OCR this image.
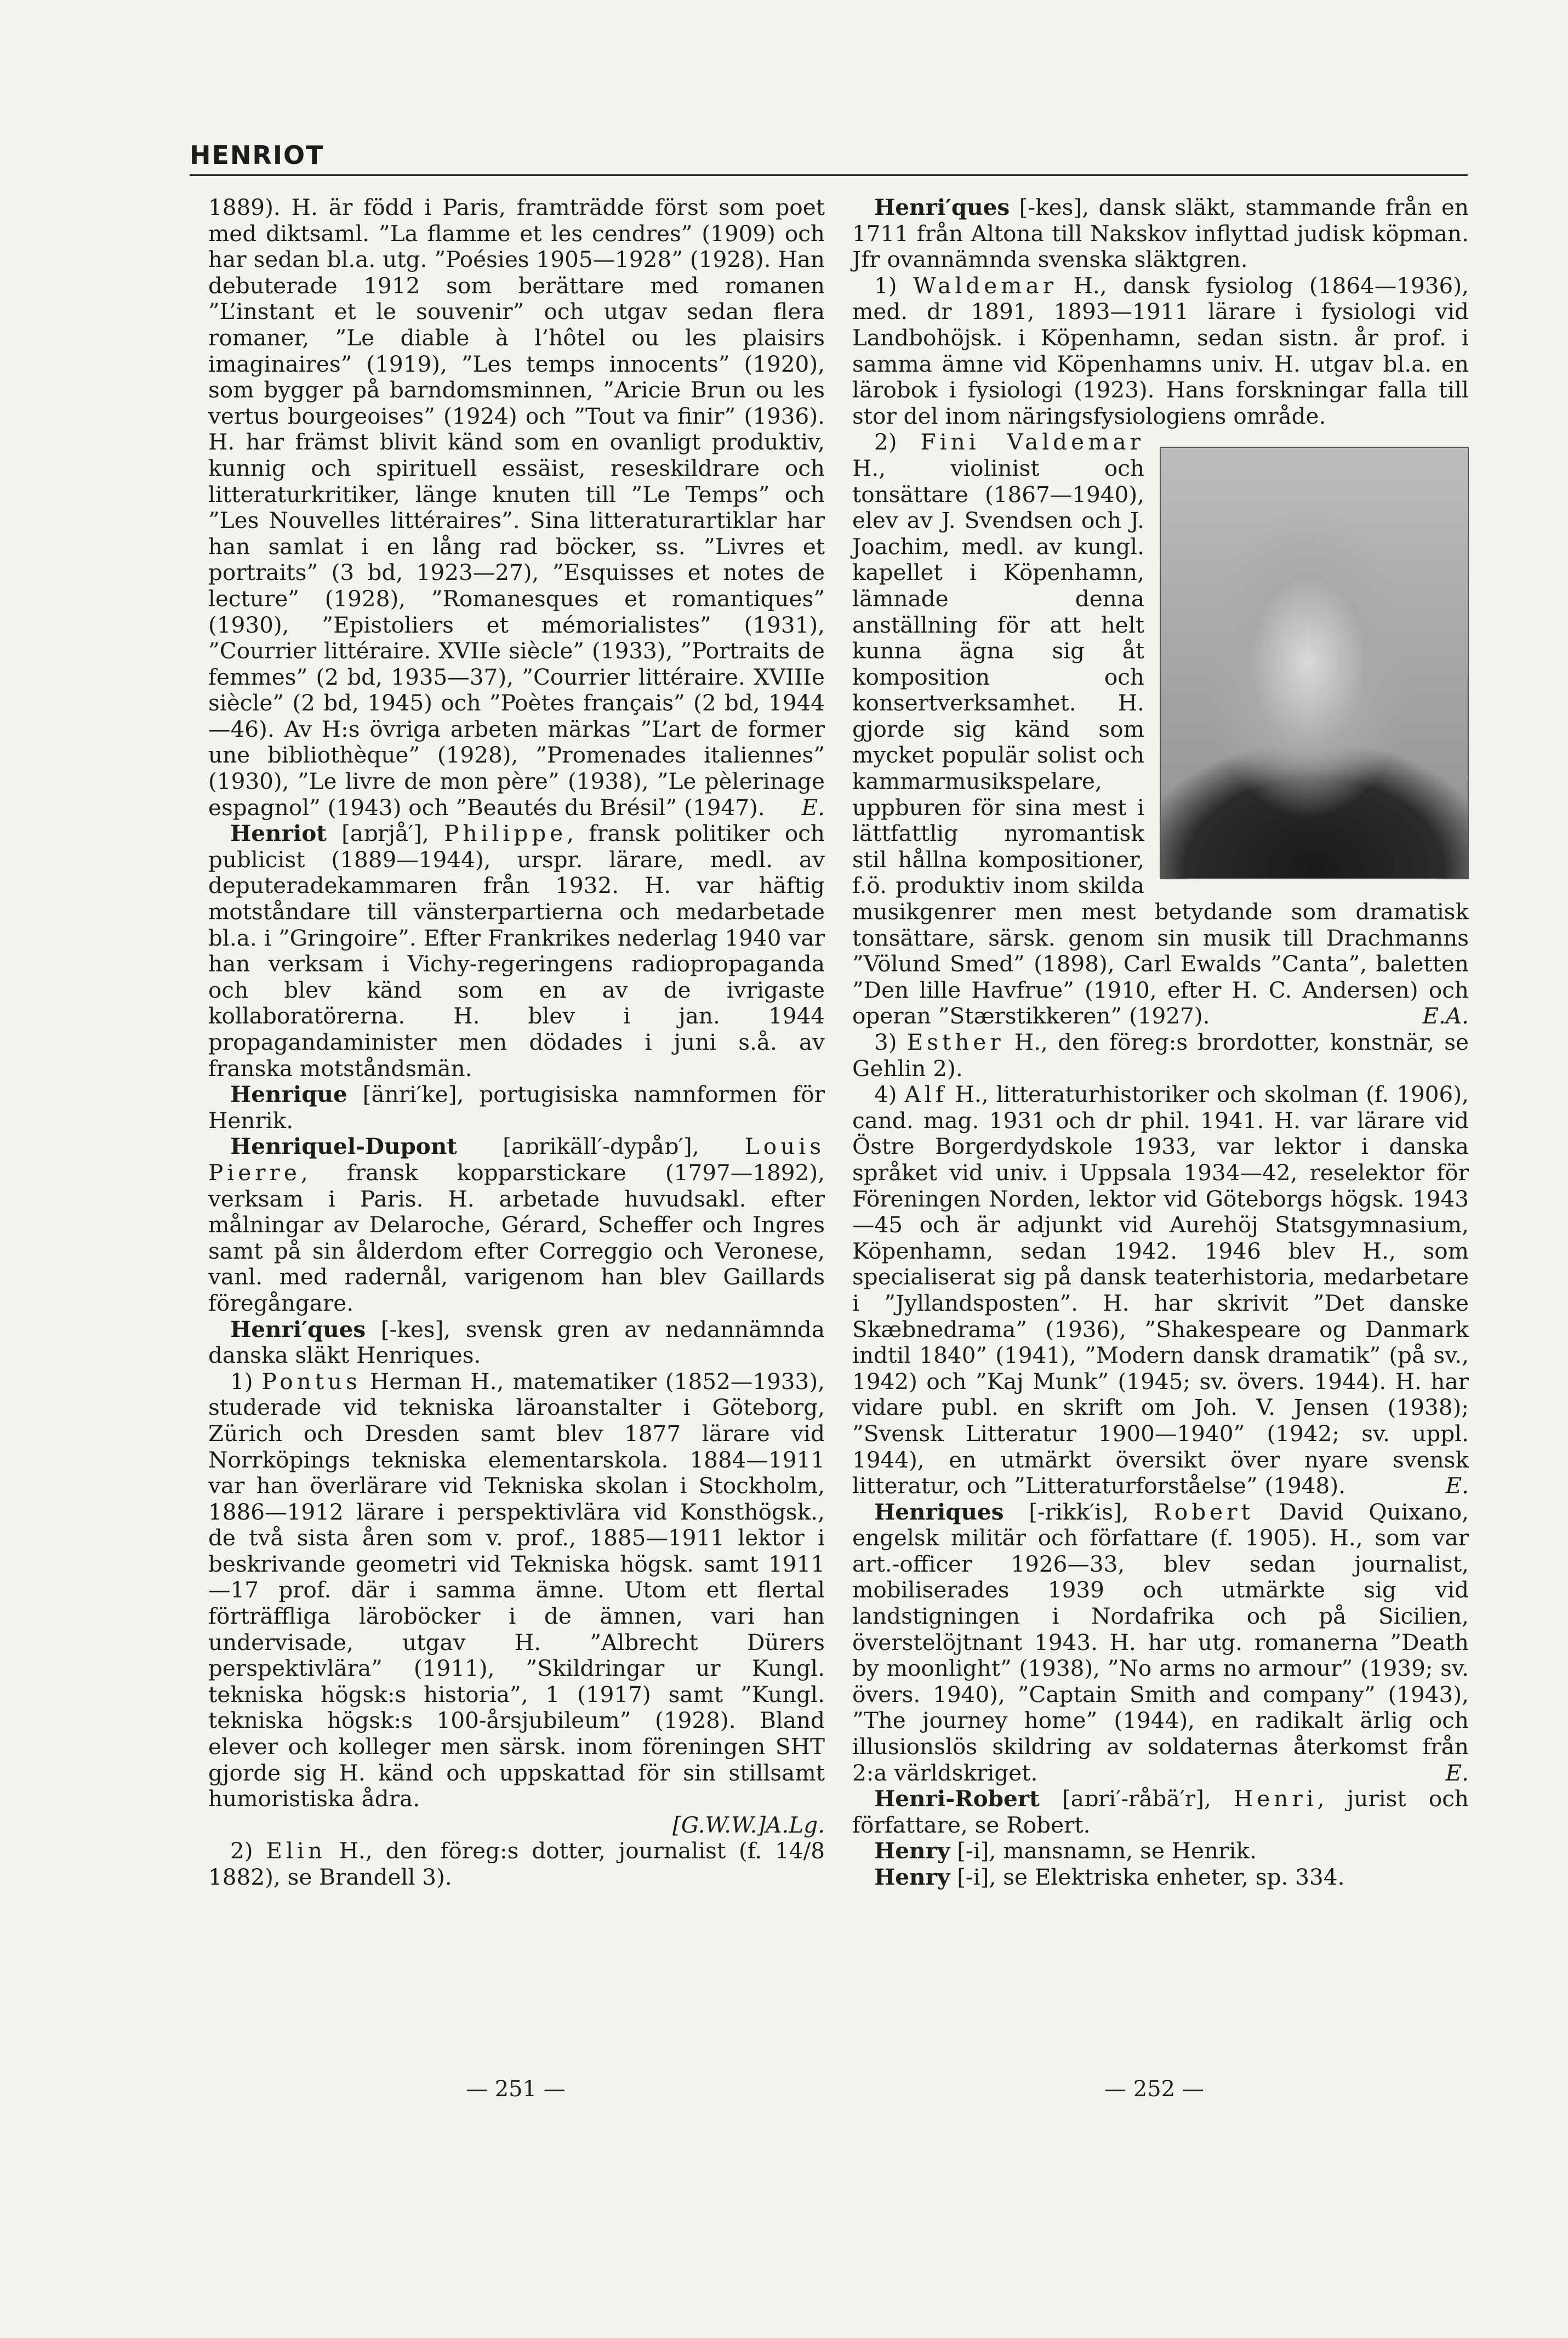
HENRIOT

1889). H. är född i Paris, framträdde först som poet med diktsaml. ”La flamme et les cendres” (1909) och har sedan bl.a. utg. ”Poésies 1905—1928” (1928). Han debuterade 1912 som berättare med romanen ”L’instant et le souvenir” och utgav sedan flera romaner, ”Le diable à l’hôtel ou les plaisirs imaginaires” (1919), ”Les temps innocents” (1920), som bygger på barndomsminnen, ”Aricie Brun ou les vertus bourgeoises” (1924) och ”Tout va finir” (1936). H. har främst blivit känd som en ovanligt produktiv, kunnig och spirituell essäist, reseskildrare och litteraturkritiker, länge knuten till ”Le Temps” och ”Les Nouvelles littéraires”. Sina litteraturartiklar har han samlat i en lång rad böcker, ss. ”Livres et portraits” (3 bd, 1923—27), ”Esquisses et notes de lecture” (1928), ”Romanesques et romantiques” (1930), ”Epistoliers et mémorialistes” (1931), ”Courrier littéraire. XVIIe siècle” (1933), ”Portraits de femmes” (2 bd, 1935—37), ”Courrier littéraire. XVIIIe siècle” (2 bd, 1945) och ”Poètes français” (2 bd, 1944—46). Av H:s övriga arbeten märkas ”L’art de former une bibliothèque” (1928), ”Promenades italiennes” (1930), ”Le livre de mon père” (1938), ”Le pèlerinage espagnol” (1943) och ”Beautés du Brésil” (1947). E.

Henriot [aɒrjå′], Philippe, fransk politiker och publicist (1889—1944), urspr. lärare, medl. av deputeradekammaren från 1932. H. var häftig motståndare till vänsterpartierna och medarbetade bl.a. i ”Gringoire”. Efter Frankrikes nederlag 1940 var han verksam i Vichy-regeringens radiopropaganda och blev känd som en av de ivrigaste kollaboratörerna. H. blev i jan. 1944 propagandaminister men dödades i juni s.å. av franska motståndsmän.

Henrique [änri′ke], portugisiska namnformen för Henrik.

Henriquel-Dupont [aɒrikäll′-dypåɒ′], Louis Pierre, fransk kopparstickare (1797—1892), verksam i Paris. H. arbetade huvudsakl. efter målningar av Delaroche, Gérard, Scheffer och Ingres samt på sin ålderdom efter Correggio och Veronese, vanl. med radernål, varigenom han blev Gaillards föregångare.

Henri′ques [-kes], svensk gren av nedannämnda danska släkt Henriques.

1) Pontus Herman H., matematiker (1852—1933), studerade vid tekniska läroanstalter i Göteborg, Zürich och Dresden samt blev 1877 lärare vid Norrköpings tekniska elementarskola. 1884—1911 var han överlärare vid Tekniska skolan i Stockholm, 1886—1912 lärare i perspektivlära vid Konsthögsk., de två sista åren som v. prof., 1885—1911 lektor i beskrivande geometri vid Tekniska högsk. samt 1911—17 prof. där i samma ämne. Utom ett flertal förträffliga läroböcker i de ämnen, vari han undervisade, utgav H. ”Albrecht Dürers perspektivlära” (1911), ”Skildringar ur Kungl. tekniska högsk:s historia”, 1 (1917) samt ”Kungl. tekniska högsk:s 100-årsjubileum” (1928). Bland elever och kolleger men särsk. inom föreningen SHT gjorde sig H. känd och uppskattad för sin stillsamt humoristiska ådra.

[G.W.W.]A.Lg.

2) Elin H., den föreg:s dotter, journalist (f. 14/8 1882), se Brandell 3).

Henri′ques [-kes], dansk släkt, stammande från en 1711 från Altona till Nakskov inflyttad judisk köpman. Jfr ovannämnda svenska släktgren.

1) Waldemar H., dansk fysiolog (1864—1936), med. dr 1891, 1893—1911 lärare i fysiologi vid Landbohöjsk. i Köpenhamn, sedan sistn. år prof. i samma ämne vid Köpenhamns univ. H. utgav bl.a. en lärobok i fysiologi (1923). Hans forskningar falla till stor del inom näringsfysiologiens område.

2) Fini Valdemar H., violinist och tonsättare (1867—1940), elev av J. Svendsen och J. Joachim, medl. av kungl. kapellet i Köpenhamn, lämnade denna anställning för att helt kunna ägna sig åt komposition och konsertverksamhet. H. gjorde sig känd som mycket populär solist och kammarmusikspelare, uppburen för sina mest i lättfattlig nyromantisk stil hållna kompositioner, f.ö. produktiv inom skilda musikgenrer men mest betydande som dramatisk tonsättare, särsk. genom sin musik till Drachmanns ”Völund Smed” (1898), Carl Ewalds ”Canta”, baletten ”Den lille Havfrue” (1910, efter H. C. Andersen) och operan ”Stærstikkeren” (1927).	E.A.

3) Esther H., den föreg:s brordotter, konstnär, se Gehlin 2).

4) Alf H., litteraturhistoriker och skolman (f. 1906), cand. mag. 1931 och dr phil. 1941. H. var lärare vid Östre Borgerdydskole 1933, var lektor i danska språket vid univ. i Uppsala 1934—42, reselektor för Föreningen Norden, lektor vid Göteborgs högsk. 1943—45 och är adjunkt vid Aurehöj Statsgymnasium, Köpenhamn, sedan 1942. 1946 blev H., som specialiserat sig på dansk teaterhistoria, medarbetare i ”Jyllandsposten”. H. har skrivit ”Det danske Skæbnedrama” (1936), ”Shakespeare og Danmark indtil 1840” (1941), ”Modern dansk dramatik” (på sv., 1942) och ”Kaj Munk” (1945; sv. övers. 1944). H. har vidare publ. en skrift om Joh. V. Jensen (1938); ”Svensk Litteratur 1900—1940” (1942; sv. uppl. 1944), en utmärkt översikt över nyare svensk litteratur, och ”Litteraturforståelse” (1948).	E.

Henriques [-rikk′is], Robert David Quixano, engelsk militär och författare (f. 1905). H., som var art.-officer 1926—33, blev sedan journalist, mobiliserades 1939 och utmärkte sig vid landstigningen i Nordafrika och på Sicilien, överstelöjtnant 1943. H. har utg. romanerna ”Death by moonlight” (1938), ”No arms no armour” (1939; sv. övers. 1940), ”Captain Smith and company” (1943), ”The journey home” (1944), en radikalt ärlig och illusionslös skildring av soldaternas återkomst från 2:a världskriget.	E.

Henri-Robert [aɒri′-råbä′r], Henri, jurist och författare, se Robert.

Henry [-i], mansnamn, se Henrik.

Henry [-i], se Elektriska enheter, sp. 334.

— 251 —	— 252 —
